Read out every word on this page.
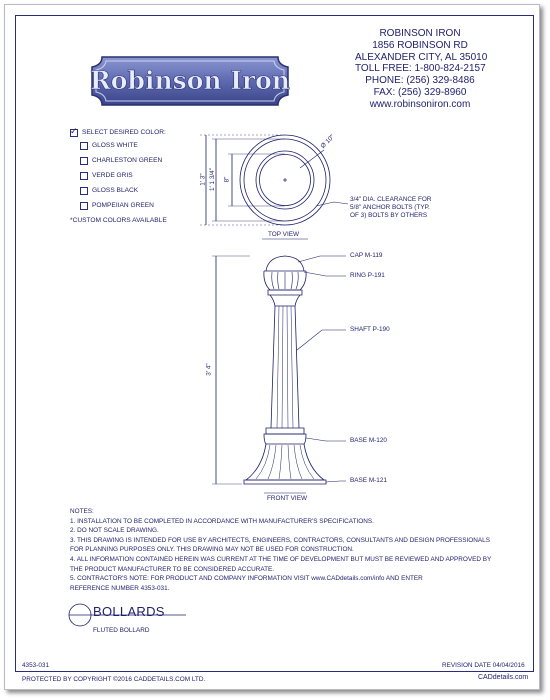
Robinson Iron
ROBINSON IRON
1856 ROBINSON RD
ALEXANDER CITY, AL 35010
TOLL FREE: 1-800-824-2157
PHONE: (256) 329-8486
FAX: (256) 329-8960
www.robinsoniron.com
✓ SELECT DESIRED COLOR:
GLOSS WHITE
CHARLESTON GREEN
VERDE GRIS
GLOSS BLACK
POMPEIIAN GREEN
*CUSTOM COLORS AVAILABLE
1' 3" 1' 1 3/4" 8"
Ø 10"
3/4" DIA. CLEARANCE FOR
5/8" ANCHOR BOLTS (TYP.
OF 3) BOLTS BY OTHERS
TOP VIEW
CAP M-119
RING P-191
SHAFT P-190
3' 4"
BASE M-120
BASE M-121
FRONT VIEW
NOTES:
1. INSTALLATION TO BE COMPLETED IN ACCORDANCE WITH MANUFACTURER'S SPECIFICATIONS.
2. DO NOT SCALE DRAWING.
3. THIS DRAWING IS INTENDED FOR USE BY ARCHITECTS, ENGINEERS, CONTRACTORS, CONSULTANTS AND DESIGN PROFESSIONALS
FOR PLANNING PURPOSES ONLY. THIS DRAWING MAY NOT BE USED FOR CONSTRUCTION.
4. ALL INFORMATION CONTAINED HEREIN WAS CURRENT AT THE TIME OF DEVELOPMENT BUT MUST BE REVIEWED AND APPROVED BY
THE PRODUCT MANUFACTURER TO BE CONSIDERED ACCURATE.
5. CONTRACTOR'S NOTE: FOR PRODUCT AND COMPANY INFORMATION VISIT www.CADdetails.com/info AND ENTER
REFERENCE NUMBER 4353-031.
BOLLARDS
FLUTED BOLLARD
4353-031	REVISION DATE 04/04/2016
PROTECTED BY COPYRIGHT ©2016 CADDETAILS.COM LTD.	CADdetails.com
